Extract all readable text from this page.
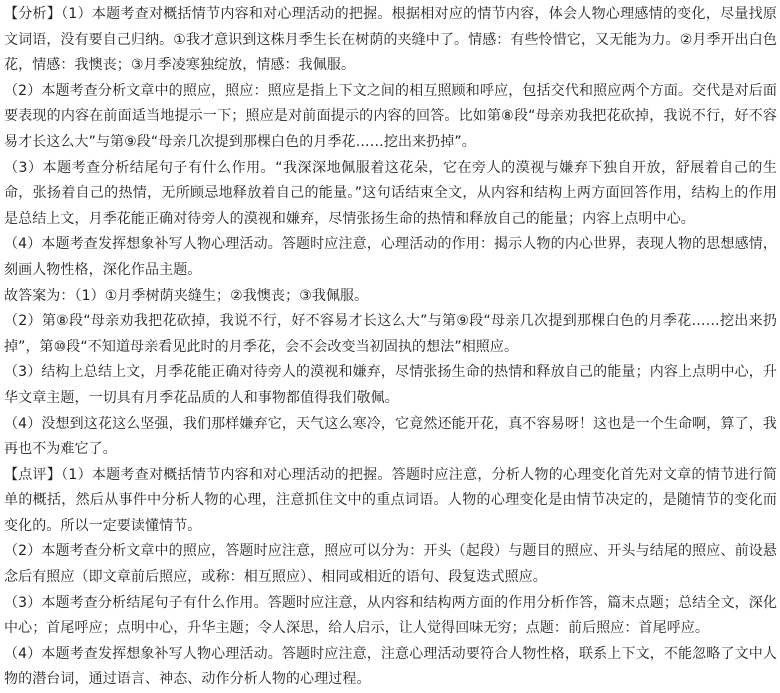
【分析】（1）本题考查对概括情节内容和对心理活动的把握。根据相对应的情节内容，体会人物心理感情的变化，尽量找原文词语，没有要自己归纳。①我才意识到这株月季生长在树荫的夹缝中了。情感：有些怜惜它，又无能为力。②月季开出白色花，情感：我懊丧；③月季凌寒独绽放，情感：我佩服。

（2）本题考查分析文章中的照应，照应：照应是指上下文之间的相互照顾和呼应，包括交代和照应两个方面。交代是对后面要表现的内容在前面适当地提示一下；照应是对前面提示的内容的回答。比如第⑧段“母亲劝我把花砍掉，我说不行，好不容易才长这么大”与第⑨段“母亲几次提到那棵白色的月季花……挖出来扔掉”。

（3）本题考查分析结尾句子有什么作用。“我深深地佩服着这花朵，它在旁人的漠视与嫌弃下独自开放，舒展着自己的生命，张扬着自己的热情，无所顾忌地释放着自己的能量。”这句话结束全文，从内容和结构上两方面回答作用，结构上的作用是总结上文，月季花能正确对待旁人的漠视和嫌弃，尽情张扬生命的热情和释放自己的能量；内容上点明中心。

（4）本题考查发挥想象补写人物心理活动。答题时应注意，心理活动的作用：揭示人物的内心世界，表现人物的思想感情，刻画人物性格，深化作品主题。

故答案为：（1）①月季树荫夹缝生；②我懊丧；③我佩服。

（2）第⑧段“母亲劝我把花砍掉，我说不行，好不容易才长这么大”与第⑨段“母亲几次提到那棵白色的月季花……挖出来扔掉”，第⑩段“不知道母亲看见此时的月季花，会不会改变当初固执的想法”相照应。

（3）结构上总结上文，月季花能正确对待旁人的漠视和嫌弃，尽情张扬生命的热情和释放自己的能量；内容上点明中心，升华文章主题，一切具有月季花品质的人和事物都值得我们敬佩。

（4）没想到这花这么坚强，我们那样嫌弃它，天气这么寒冷，它竟然还能开花，真不容易呀！这也是一个生命啊，算了，我再也不为难它了。

【点评】（1）本题考查对概括情节内容和对心理活动的把握。答题时应注意，分析人物的心理变化首先对文章的情节进行简单的概括，然后从事件中分析人物的心理，注意抓住文中的重点词语。人物的心理变化是由情节决定的，是随情节的变化而变化的。所以一定要读懂情节。

（2）本题考查分析文章中的照应，答题时应注意，照应可以分为：开头（起段）与题目的照应、开头与结尾的照应、前设悬念后有照应（即文章前后照应，或称：相互照应）、相同或相近的语句、段复迭式照应。

（3）本题考查分析结尾句子有什么作用。答题时应注意，从内容和结构两方面的作用分析作答，篇末点题；总结全文，深化中心；首尾呼应；点明中心，升华主题；令人深思，给人启示，让人觉得回味无穷；点题：前后照应：首尾呼应。

（4）本题考查发挥想象补写人物心理活动。答题时应注意，注意心理活动要符合人物性格，联系上下文，不能忽略了文中人物的潜台词，通过语言、神态、动作分析人物的心理过程。
